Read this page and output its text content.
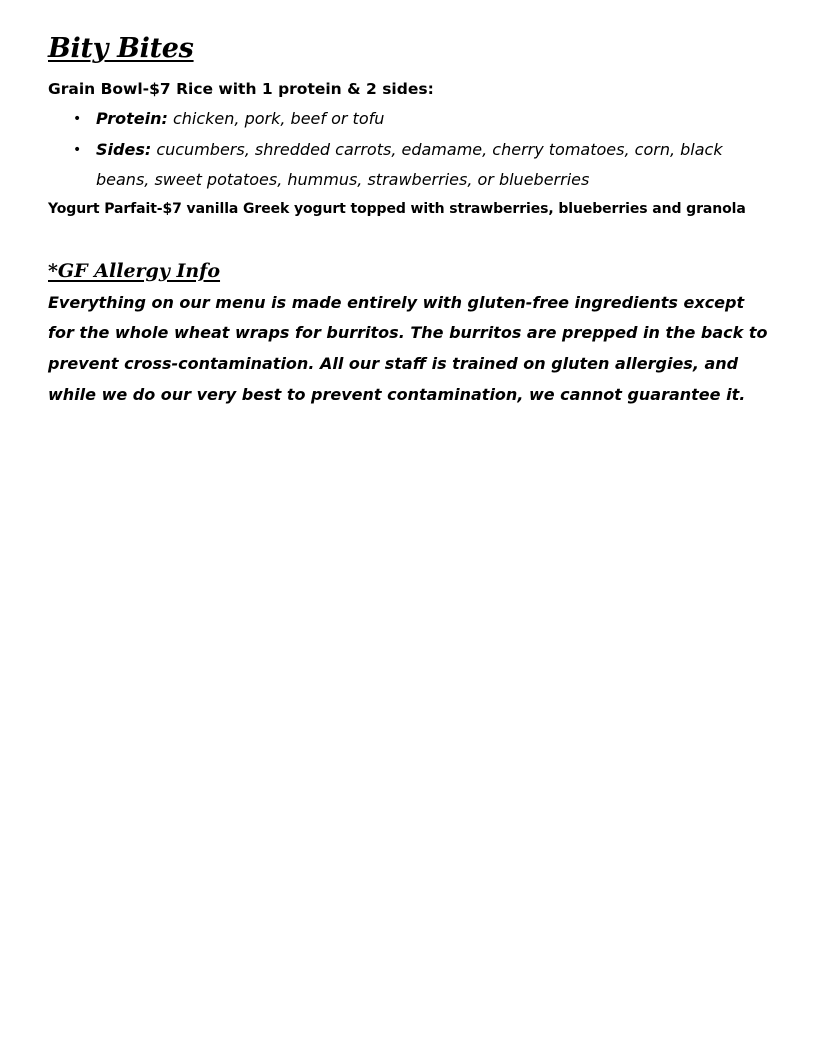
Bity Bites

Grain Bowl-$7 Rice with 1 protein & 2 sides:

• Protein: chicken, pork, beef or tofu
• Sides: cucumbers, shredded carrots, edamame, cherry tomatoes, corn, black beans, sweet potatoes, hummus, strawberries, or blueberries

Yogurt Parfait-$7 vanilla Greek yogurt topped with strawberries, blueberries and granola

*GF Allergy Info

Everything on our menu is made entirely with gluten-free ingredients except for the whole wheat wraps for burritos. The burritos are prepped in the back to prevent cross-contamination. All our staff is trained on gluten allergies, and while we do our very best to prevent contamination, we cannot guarantee it.
